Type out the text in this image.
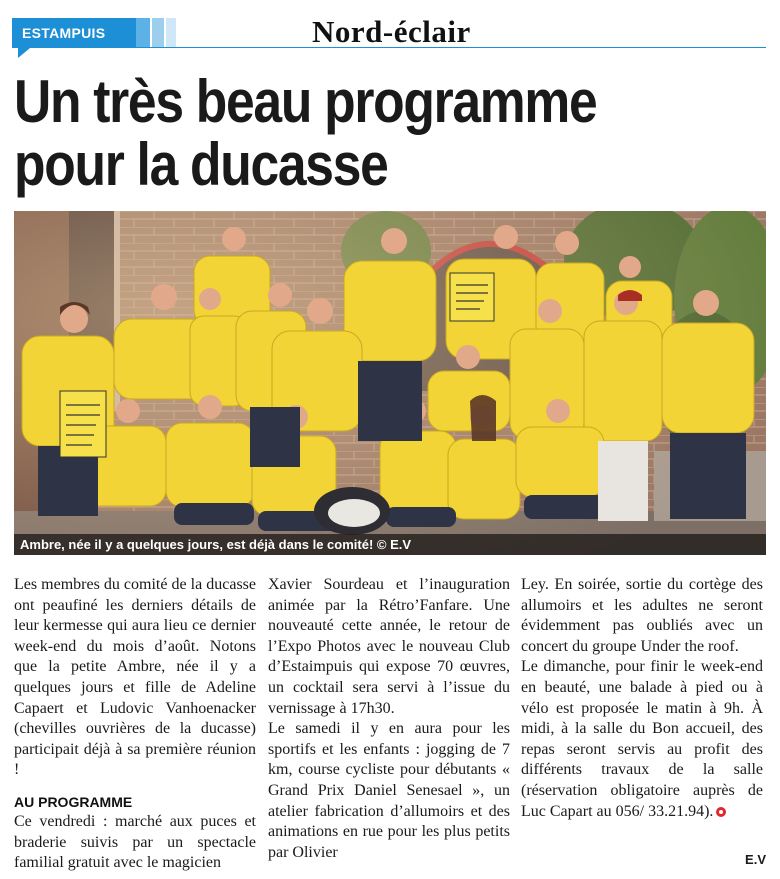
ESTAMPUIS	Nord-éclair
Un très beau programme pour la ducasse
Ambre, née il y a quelques jours, est déjà dans le comité! © E.V

Les membres du comité de la ducasse ont peaufiné les derniers détails de leur kermesse qui aura lieu ce dernier week-end du mois d’août. Notons que la petite Ambre, née il y a quelques jours et fille de Adeline Capaert et Ludovic Vanhoenacker (chevilles ouvrières de la ducasse) participait déjà à sa première réunion !

AU PROGRAMME

Ce vendredi : marché aux puces et braderie suivis par un spectacle familial gratuit avec le magicien

Xavier Sourdeau et l’inauguration animée par la Rétro’Fanfare. Une nouveauté cette année, le retour de l’Expo Photos avec le nouveau Club d’Estaimpuis qui expose 70 œuvres, un cocktail sera servi à l’issue du vernissage à 17h30.

Le samedi il y en aura pour les sportifs et les enfants : jogging de 7 km, course cycliste pour débutants « Grand Prix Daniel Senesael », un atelier fabrication d’allumoirs et des animations en rue pour les plus petits par Olivier

Ley. En soirée, sortie du cortège des allumoirs et les adultes ne seront évidemment pas oubliés avec un concert du groupe Under the roof.

Le dimanche, pour finir le week-end en beauté, une balade à pied ou à vélo est proposée le matin à 9h. À midi, à la salle du Bon accueil, des repas seront servis au profit des différents travaux de la salle (réservation obligatoire auprès de Luc Capart au 056/ 33.21.94).

E.V
